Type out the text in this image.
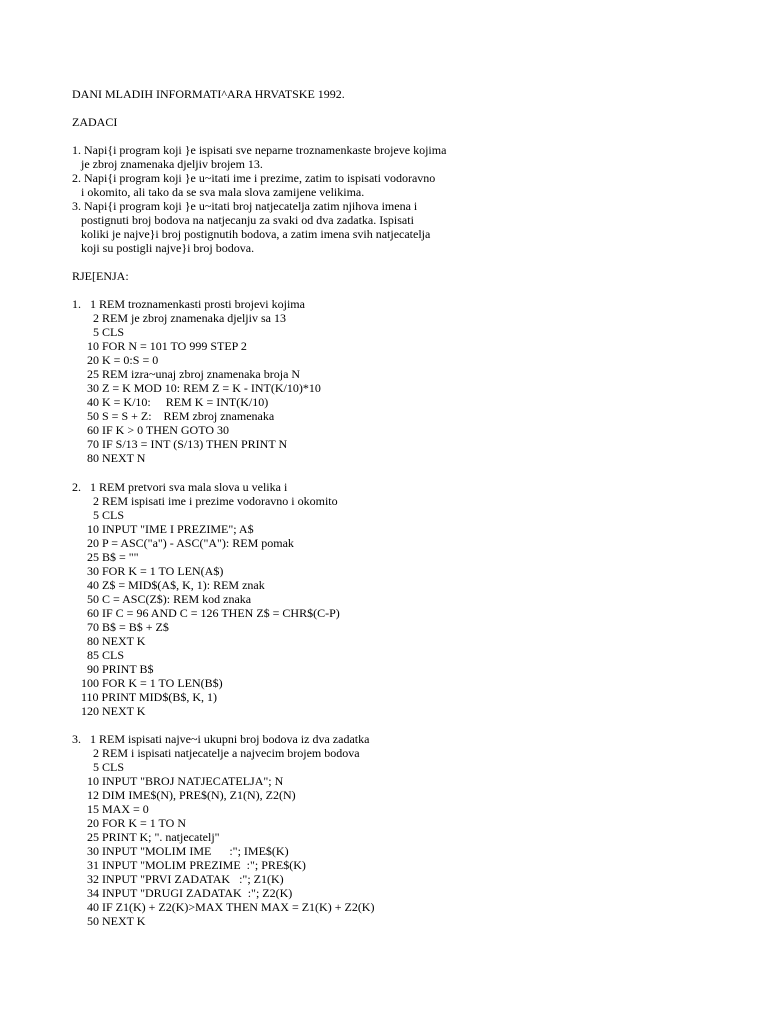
DANI MLADIH INFORMATI^ARA HRVATSKE 1992.

ZADACI

1. Napi{i program koji }e ispisati sve neparne troznamenkaste brojeve kojima

je zbroj znamenaka djeljiv brojem 13.

2. Napi{i program koji }e u~itati ime i prezime, zatim to ispisati vodoravno

i okomito, ali tako da se sva mala slova zamijene velikima.

3. Napi{i program koji }e u~itati broj natjecatelja zatim njihova imena i

postignuti broj bodova na natjecanju za svaki od dva zadatka. Ispisati

koliki je najve}i broj postignutih bodova, a zatim imena svih natjecatelja

koji su postigli najve}i broj bodova.

RJE[ENJA:

1.   1 REM troznamenkasti prosti brojevi kojima

2 REM je zbroj znamenaka djeljiv sa 13

5 CLS

10 FOR N = 101 TO 999 STEP 2

20 K = 0:S = 0

25 REM izra~unaj zbroj znamenaka broja N

30 Z = K MOD 10: REM Z = K - INT(K/10)*10

40 K = K/10:     REM K = INT(K/10)

50 S = S + Z:    REM zbroj znamenaka

60 IF K > 0 THEN GOTO 30

70 IF S/13 = INT (S/13) THEN PRINT N

80 NEXT N

2.   1 REM pretvori sva mala slova u velika i

2 REM ispisati ime i prezime vodoravno i okomito

5 CLS

10 INPUT "IME I PREZIME"; A$

20 P = ASC("a") - ASC("A"): REM pomak

25 B$ = ""

30 FOR K = 1 TO LEN(A$)

40 Z$ = MID$(A$, K, 1): REM znak

50 C = ASC(Z$): REM kod znaka

60 IF C = 96 AND C = 126 THEN Z$ = CHR$(C-P)

70 B$ = B$ + Z$

80 NEXT K

85 CLS

90 PRINT B$

100 FOR K = 1 TO LEN(B$)

110 PRINT MID$(B$, K, 1)

120 NEXT K

3.   1 REM ispisati najve~i ukupni broj bodova iz dva zadatka

2 REM i ispisati natjecatelje a najvecim brojem bodova

5 CLS

10 INPUT "BROJ NATJECATELJA"; N

12 DIM IME$(N), PRE$(N), Z1(N), Z2(N)

15 MAX = 0

20 FOR K = 1 TO N

25 PRINT K; ". natjecatelj"

30 INPUT "MOLIM IME      :"; IME$(K)

31 INPUT "MOLIM PREZIME  :"; PRE$(K)

32 INPUT "PRVI ZADATAK   :"; Z1(K)

34 INPUT "DRUGI ZADATAK  :"; Z2(K)

40 IF Z1(K) + Z2(K)>MAX THEN MAX = Z1(K) + Z2(K)

50 NEXT K
